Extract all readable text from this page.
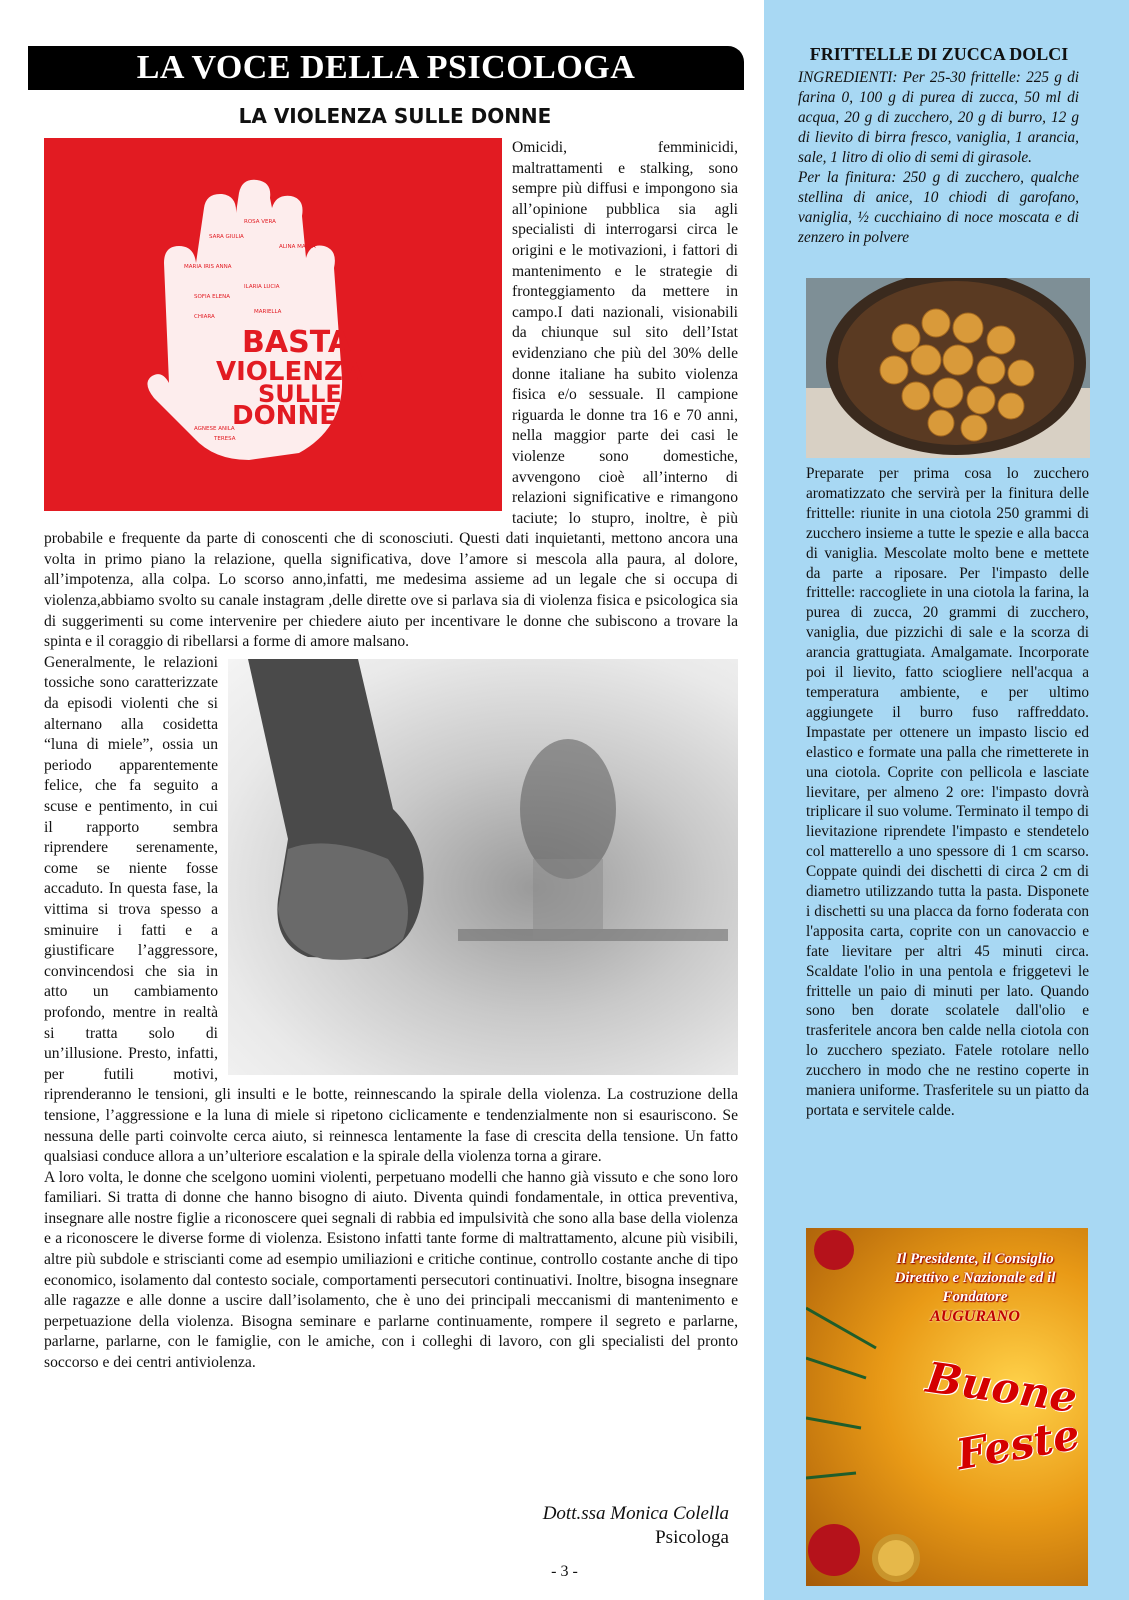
LA VOCE DELLA PSICOLOGA
LA VIOLENZA SULLE DONNE
MARIA IRIS ANNA
SARA GIULIA
ROSA VERA
ALINA MARTA
SOFIA ELENA
ILARIA LUCIA
CHIARA
MARIELLA
AGNESE ANILA
TERESA
BASTA
VIOLENZA
SULLE
DONNE

Omicidi, femminicidi, maltrattamenti e stalking, sono sempre più diffusi e impongono sia all’opinione pubblica sia agli specialisti di interrogarsi circa le origini e le motivazioni, i fattori di mantenimento e le strategie di fronteggiamento da mettere in campo.I dati nazionali, visionabili da chiunque sul sito dell’Istat evidenziano che più del 30% delle donne italiane ha subito violenza fisica e/o sessuale. Il campione riguarda le donne tra 16 e 70 anni, nella maggior parte dei casi le violenze sono domestiche, avvengono cioè all’interno di relazioni significative e rimangono taciute; lo stupro, inoltre, è più probabile e frequente da parte di conoscenti che di sconosciuti. Questi dati inquietanti, mettono ancora una volta in primo piano la relazione, quella significativa, dove l’amore si mescola alla paura, al dolore, all’impotenza, alla colpa. Lo scorso anno,infatti, me medesima assieme ad un legale che si occupa di violenza,abbiamo svolto su canale instagram ,delle dirette ove si parlava sia di violenza fisica e psicologica sia di suggerimenti su come intervenire per chiedere aiuto per incentivare le donne che subiscono a trovare la spinta e il coraggio di ribellarsi a forme di amore malsano.

Generalmente, le relazioni tossiche sono caratterizzate da episodi violenti che si alternano alla cosidetta “luna di miele”, ossia un periodo apparentemente felice, che fa seguito a scuse e pentimento, in cui il rapporto sembra riprendere serenamente, come se niente fosse accaduto. In questa fase, la vittima si trova spesso a sminuire i fatti e a giustificare l’aggressore, convincendosi che sia in atto un cambiamento profondo, mentre in realtà si tratta solo di un’illusione. Presto, infatti, per futili motivi, riprenderanno le tensioni, gli insulti e le botte, reinnescando la spirale della violenza. La costruzione della tensione, l’aggressione e la luna di miele si ripetono ciclicamente e tendenzialmente non si esauriscono. Se nessuna delle parti coinvolte cerca aiuto, si reinnesca lentamente la fase di crescita della tensione. Un fatto qualsiasi conduce allora a un’ulteriore escalation e la spirale della violenza torna a girare.

A loro volta, le donne che scelgono uomini violenti, perpetuano modelli che hanno già vissuto e che sono loro familiari. Si tratta di donne che hanno bisogno di aiuto. Diventa quindi fondamentale, in ottica preventiva, insegnare alle nostre figlie a riconoscere quei segnali di rabbia ed impulsività che sono alla base della violenza e a riconoscere le diverse forme di violenza. Esistono infatti tante forme di maltrattamento, alcune più visibili, altre più subdole e striscianti come ad esempio umiliazioni e critiche continue, controllo costante anche di tipo economico, isolamento dal contesto sociale, comportamenti persecutori continuativi. Inoltre, bisogna insegnare alle ragazze e alle donne a uscire dall’isolamento, che è uno dei principali meccanismi di mantenimento e perpetuazione della violenza. Bisogna seminare e parlarne continuamente, rompere il segreto e parlarne, parlarne, parlarne, con le famiglie, con le amiche, con i colleghi di lavoro, con gli specialisti del pronto soccorso e dei centri antiviolenza.

Dott.ssa Monica Colella
Psicologa
- 3 -
FRITTELLE DI ZUCCA DOLCI

INGREDIENTI: Per 25-30 frittelle: 225 g di farina 0, 100 g di purea di zucca, 50 ml di acqua, 20 g di zucchero, 20 g di burro, 12 g di lievito di birra fresco, vaniglia, 1 arancia, sale, 1 litro di olio di semi di girasole.

Per la finitura: 250 g di zucchero, qualche stellina di anice, 10 chiodi di garofano, vaniglia, ½ cucchiaino di noce moscata e di zenzero in polvere

Preparate per prima cosa lo zucchero aromatizzato che servirà per la finitura delle frittelle: riunite in una ciotola 250 grammi di zucchero insieme a tutte le spezie e alla bacca di vaniglia. Mescolate molto bene e mettete da parte a riposare. Per l'impasto delle frittelle: raccogliete in una ciotola la farina, la purea di zucca, 20 grammi di zucchero, vaniglia, due pizzichi di sale e la scorza di arancia grattugiata. Amalgamate. Incorporate poi il lievito, fatto sciogliere nell'acqua a temperatura ambiente, e per ultimo aggiungete il burro fuso raffreddato. Impastate per ottenere un impasto liscio ed elastico e formate una palla che rimetterete in una ciotola. Coprite con pellicola e lasciate lievitare, per almeno 2 ore: l'impasto dovrà triplicare il suo volume. Terminato il tempo di lievitazione riprendete l'impasto e stendetelo col matterello a uno spessore di 1 cm scarso. Coppate quindi dei dischetti di circa 2 cm di diametro utilizzando tutta la pasta. Disponete i dischetti su una placca da forno foderata con l'apposita carta, coprite con un canovaccio e fate lievitare per altri 45 minuti circa. Scaldate l'olio in una pentola e friggetevi le frittelle un paio di minuti per lato. Quando sono ben dorate scolatele dall'olio e trasferitele ancora ben calde nella ciotola con lo zucchero speziato. Fatele rotolare nello zucchero in modo che ne restino coperte in maniera uniforme. Trasferitele su un piatto da portata e servitele calde.
Il Presidente, il Consiglio Direttivo e Nazionale ed il Fondatore
AUGURANO
Buone
Feste
